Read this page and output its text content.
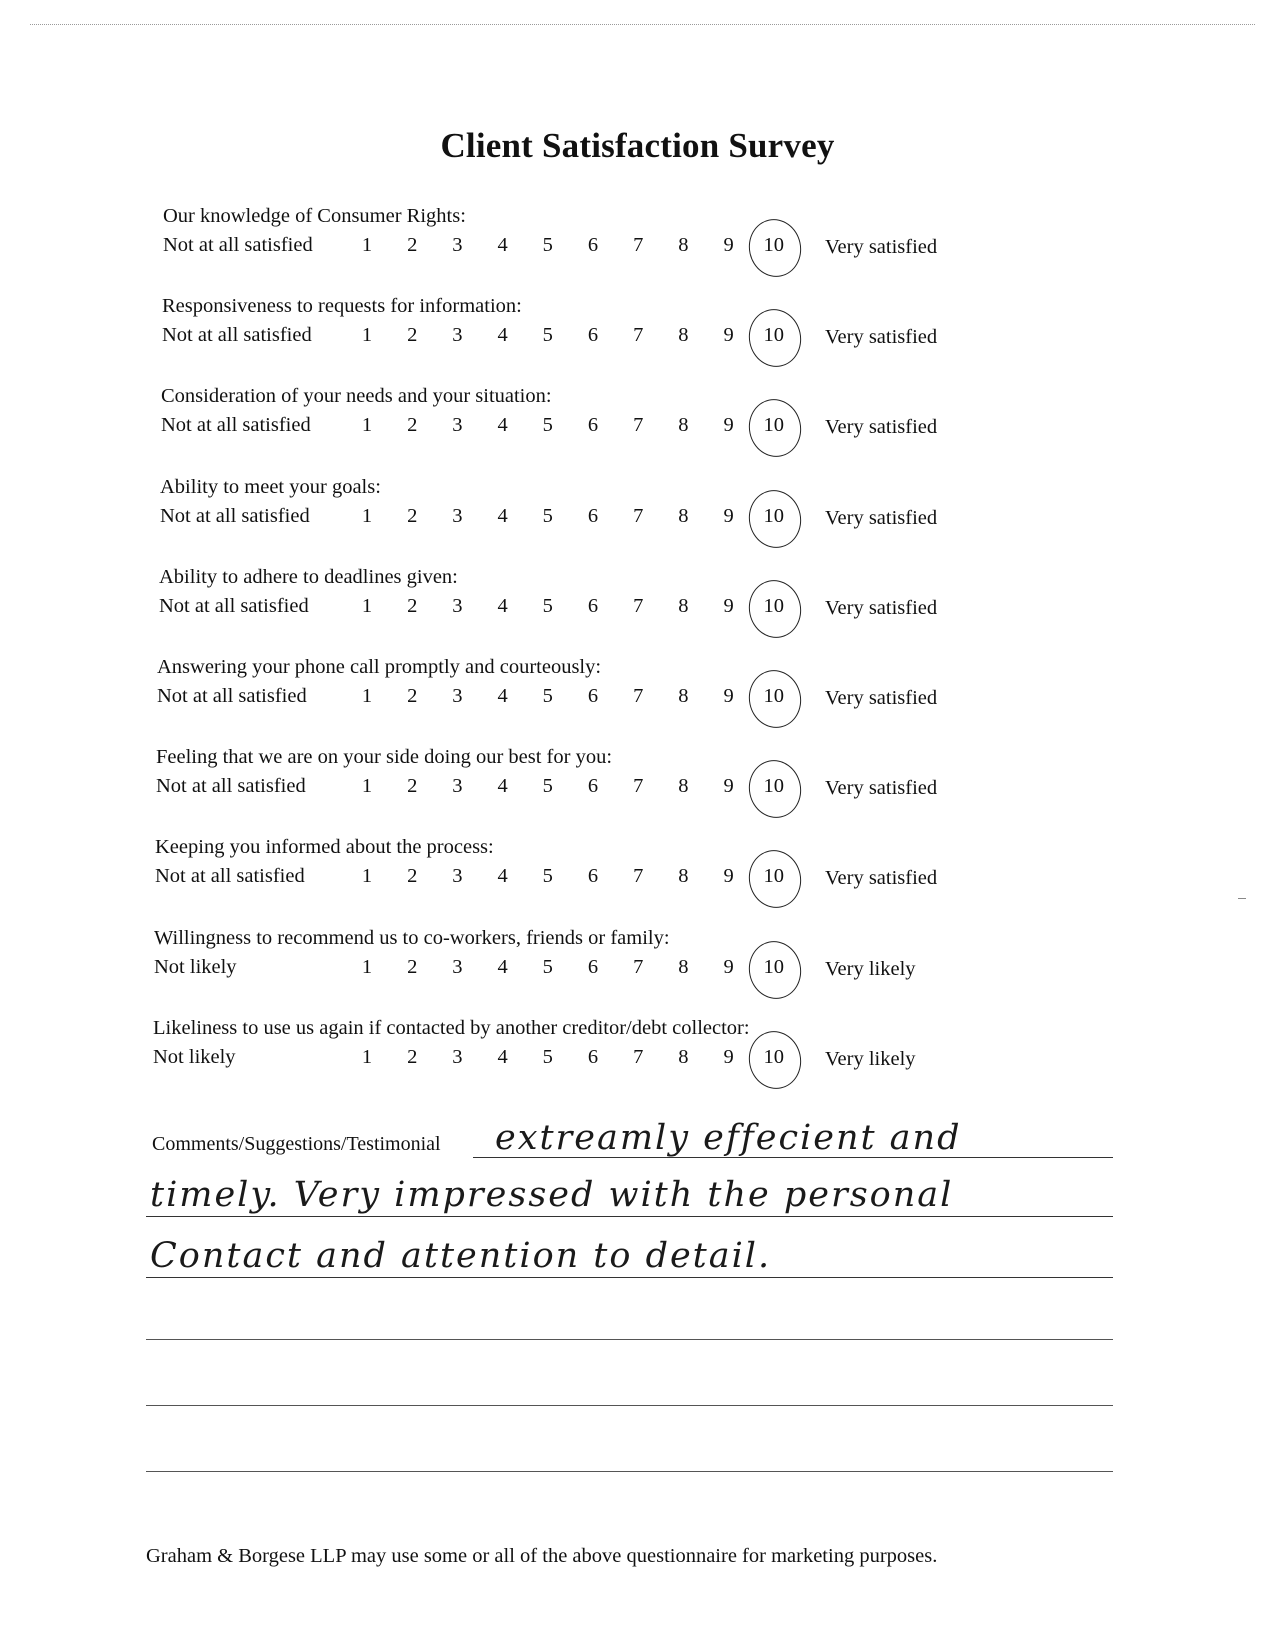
Client Satisfaction Survey
Our knowledge of Consumer Rights:
Not at all satisfied	1	2	3	4	5	6	7	8	9	10 Very satisfied
Responsiveness to requests for information:
Not at all satisfied	1	2	3	4	5	6	7	8	9	10 Very satisfied
Consideration of your needs and your situation:
Not at all satisfied	1	2	3	4	5	6	7	8	9	10 Very satisfied
Ability to meet your goals:
Not at all satisfied	1	2	3	4	5	6	7	8	9	10 Very satisfied
Ability to adhere to deadlines given:
Not at all satisfied	1	2	3	4	5	6	7	8	9	10 Very satisfied
Answering your phone call promptly and courteously:
Not at all satisfied	1	2	3	4	5	6	7	8	9	10 Very satisfied
Feeling that we are on your side doing our best for you:
Not at all satisfied	1	2	3	4	5	6	7	8	9	10 Very satisfied
Keeping you informed about the process:
Not at all satisfied	1	2	3	4	5	6	7	8	9	10 Very satisfied
Willingness to recommend us to co-workers, friends or family:
Not likely	1	2	3	4	5	6	7	8	9	10 Very likely
Likeliness to use us again if contacted by another creditor/debt collector:
Not likely	1	2	3	4	5	6	7	8	9	10 Very likely
Comments/Suggestions/Testimonial extreamly effecient and
timely. Very impressed with the personal
Contact and attention to detail.
Graham & Borgese LLP may use some or all of the above questionnaire for marketing purposes.
